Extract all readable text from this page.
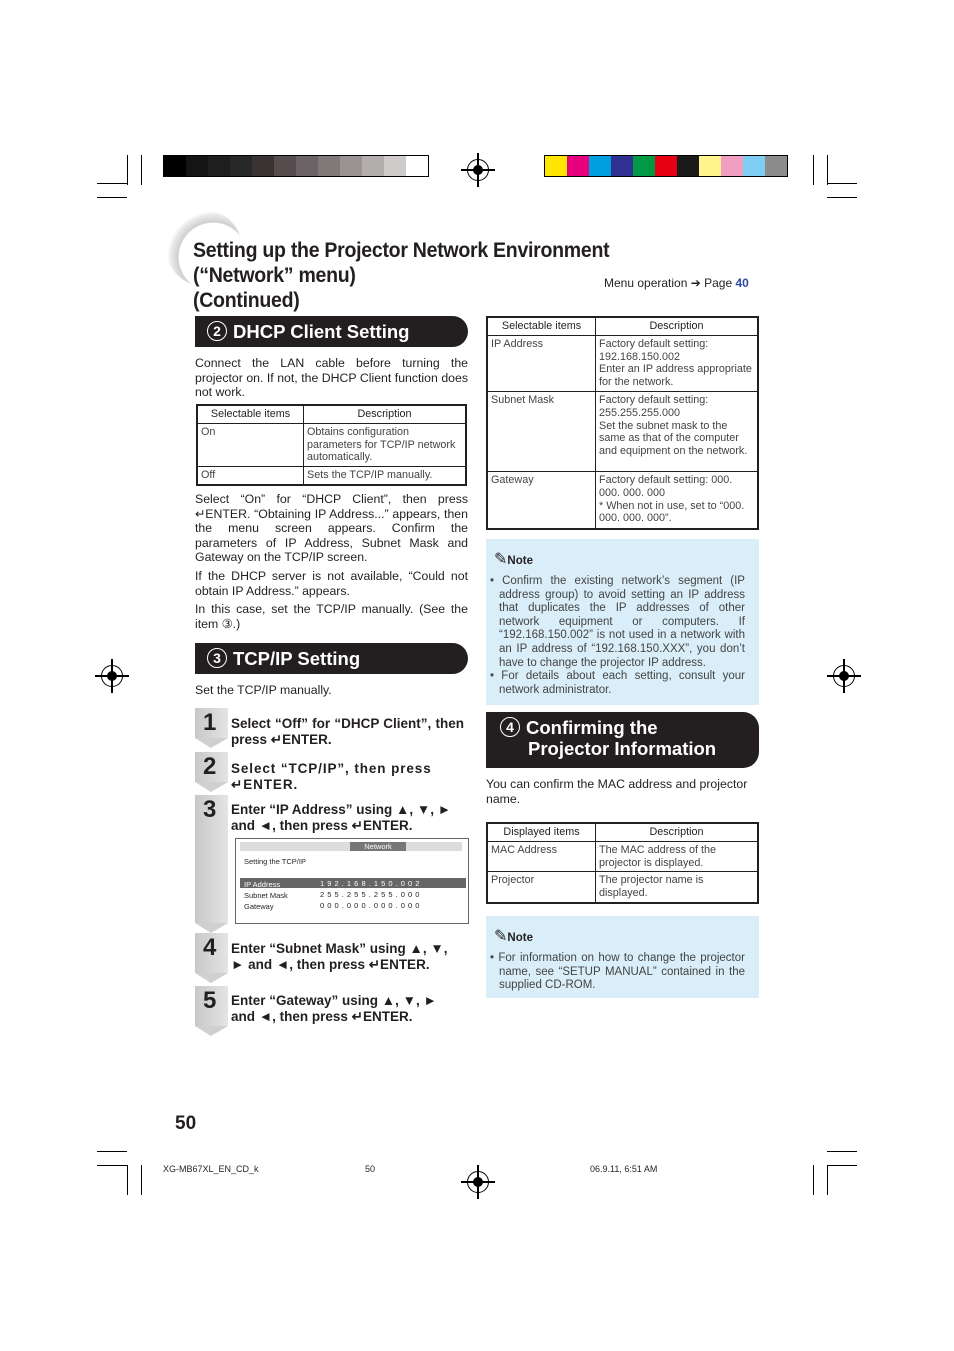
Setting up the Projector Network Environment (“Network” menu)
(Continued)
Menu operation ➔ Page 40
2 DHCP Client Setting
Connect the LAN cable before turning the projector on. If not, the DHCP Client function does not work.
Selectable items	Description
On	Obtains configuration parameters for TCP/IP network automatically.
Off	Sets the TCP/IP manually.
Select “On” for “DHCP Client”, then press ↵ENTER. “Obtaining IP Address...” appears, then the menu screen appears. Confirm the parameters of IP Address, Subnet Mask and Gateway on the TCP/IP screen.
If the DHCP server is not available, “Could not obtain IP Address.” appears.
In this case, set the TCP/IP manually. (See the item ③.)
3 TCP/IP Setting
Set the TCP/IP manually.
1	Select “Off” for “DHCP Client”, then press ↵ENTER.
2	Select “TCP/IP”, then press ↵ENTER.
3	Enter “IP Address” using ▲, ▼, ► and ◄, then press ↵ENTER.
Network
Setting the TCP/IP
IP Address	1 9 2 . 1 6 8 . 1 5 0 . 0 0 2
Subnet Mask	2 5 5 . 2 5 5 . 2 5 5 . 0 0 0
Gateway	0 0 0 . 0 0 0 . 0 0 0 . 0 0 0
4	Enter “Subnet Mask” using ▲, ▼, ► and ◄, then press ↵ENTER.
5	Enter “Gateway” using ▲, ▼, ► and ◄, then press ↵ENTER.
Selectable items	Description
IP Address	Factory default setting:
192.168.150.002
Enter an IP address appropriate for the network.
Subnet Mask	Factory default setting:
255.255.255.000
Set the subnet mask to the same as that of the computer and equipment on the network.
Gateway	Factory default setting: 000.
000. 000. 000
* When not in use, set to “000.
000. 000. 000”.
✎Note
• Confirm the existing network’s segment (IP address group) to avoid setting an IP address that duplicates the IP addresses of other network equipment or computers. If “192.168.150.002” is not used in a network with an IP address of “192.168.150.XXX”, you don’t have to change the projector IP address.
• For details about each setting, consult your network administrator.
4 Confirming the
Projector Information
You can confirm the MAC address and projector name.
Displayed items	Description
MAC Address	The MAC address of the projector is displayed.
Projector	The projector name is displayed.
✎Note
• For information on how to change the projector name, see “SETUP MANUAL” contained in the supplied CD-ROM.
50
XG-MB67XL_EN_CD_k	50	06.9.11, 6:51 AM
